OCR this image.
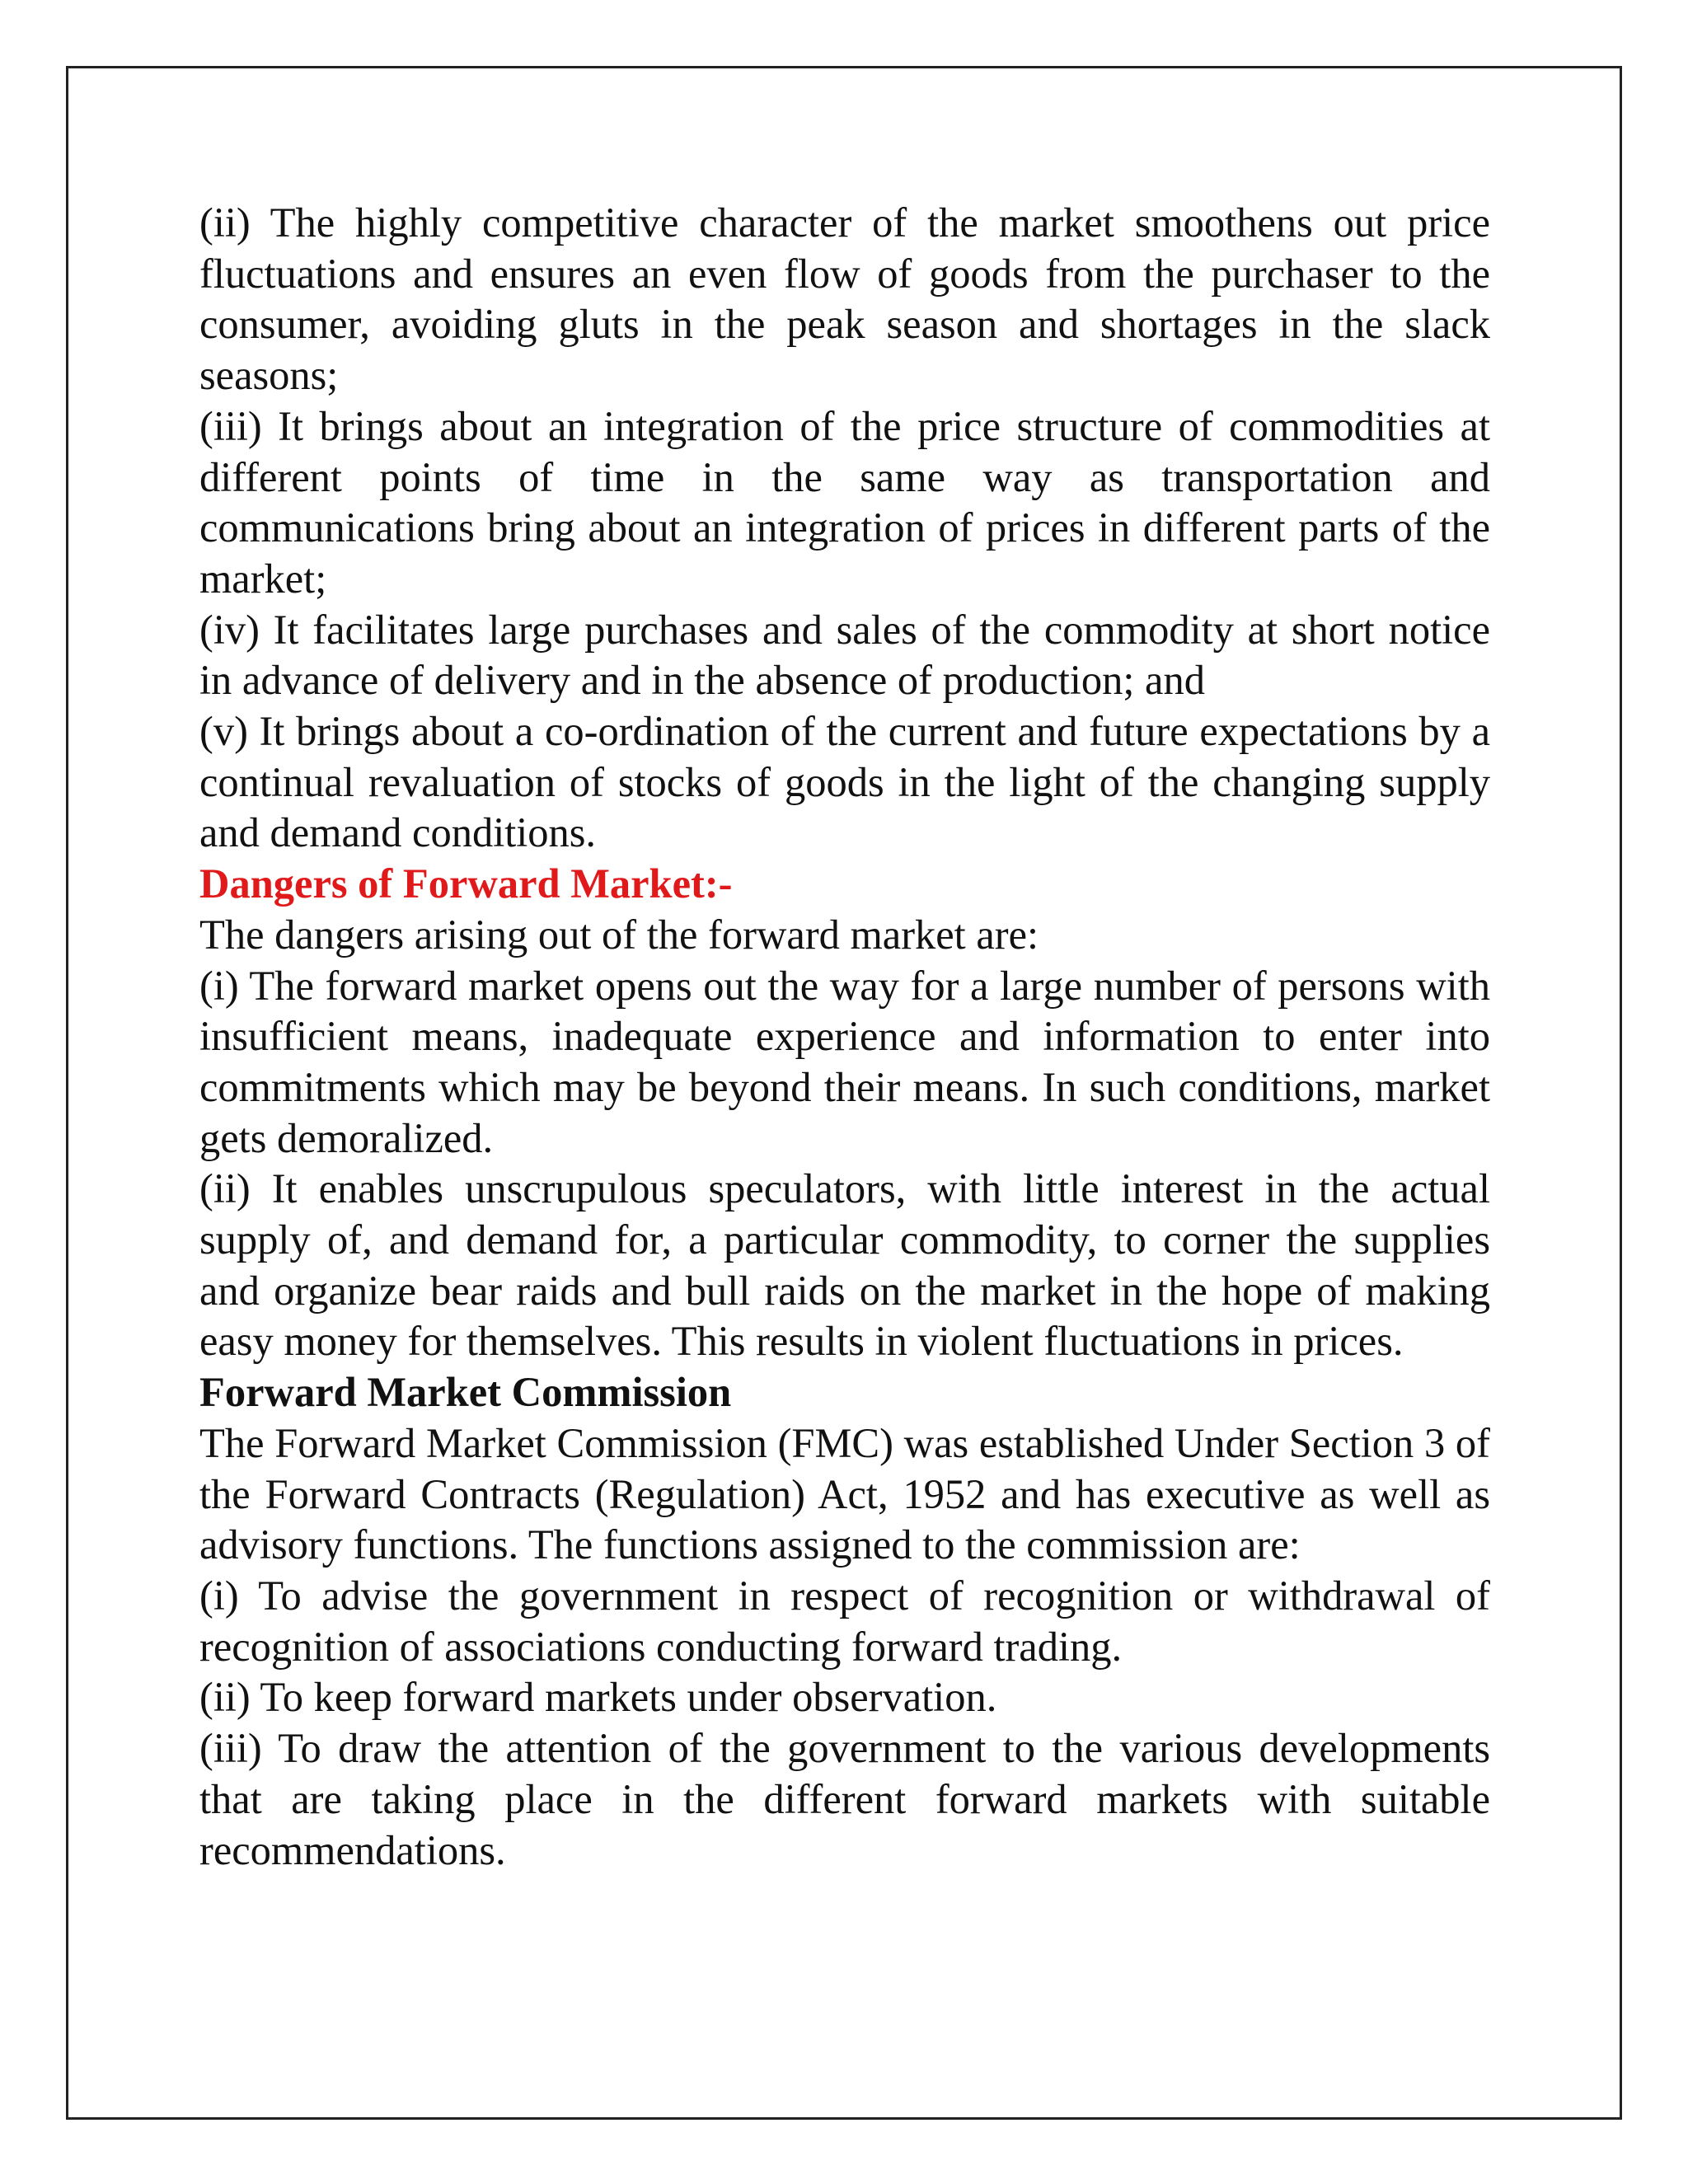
(ii) The highly competitive character of the market smoothens out price fluctuations and ensures an even flow of goods from the purchaser to the consumer, avoiding gluts in the peak season and shortages in the slack seasons;

(iii) It brings about an integration of the price structure of commodities at different points of time in the same way as transportation and communications bring about an integration of prices in different parts of the market;

(iv) It facilitates large purchases and sales of the commodity at short notice in advance of delivery and in the absence of production; and

(v) It brings about a co-ordination of the current and future expectations by a continual revaluation of stocks of goods in the light of the changing supply and demand conditions.

Dangers of Forward Market:-

The dangers arising out of the forward market are:

(i) The forward market opens out the way for a large number of persons with insufficient means, inadequate experience and information to enter into commitments which may be beyond their means. In such conditions, market gets demoralized.

(ii) It enables unscrupulous speculators, with little interest in the actual supply of, and demand for, a particular commodity, to corner the supplies and organize bear raids and bull raids on the market in the hope of making easy money for themselves. This results in violent fluctuations in prices.

Forward Market Commission

The Forward Market Commission (FMC) was established Under Section 3 of the Forward Contracts (Regulation) Act, 1952 and has executive as well as advisory functions. The functions assigned to the commission are:

(i) To advise the government in respect of recognition or withdrawal of recognition of associations conducting forward trading.

(ii) To keep forward markets under observation.

(iii) To draw the attention of the government to the various developments that are taking place in the different forward markets with suitable recommendations.
